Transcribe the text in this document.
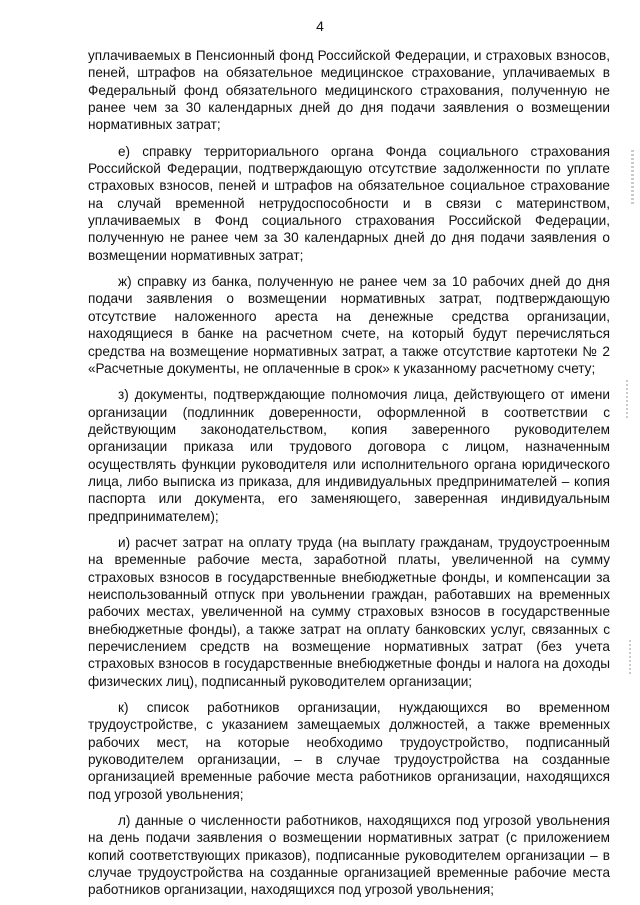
4

уплачиваемых в Пенсионный фонд Российской Федерации, и страховых взносов, пеней, штрафов на обязательное медицинское страхование, уплачиваемых в Федеральный фонд обязательного медицинского страхования, полученную не ранее чем за 30 календарных дней до дня подачи заявления о возмещении нормативных затрат;

е) справку территориального органа Фонда социального страхования Российской Федерации, подтверждающую отсутствие задолженности по уплате страховых взносов, пеней и штрафов на обязательное социальное страхование на случай временной нетрудоспособности и в связи с материнством, уплачиваемых в Фонд социального страхования Российской Федерации, полученную не ранее чем за 30 календарных дней до дня подачи заявления о возмещении нормативных затрат;

ж) справку из банка, полученную не ранее чем за 10 рабочих дней до дня подачи заявления о возмещении нормативных затрат, подтверждающую отсутствие наложенного ареста на денежные средства организации, находящиеся в банке на расчетном счете, на который будут перечисляться средства на возмещение нормативных затрат, а также отсутствие картотеки № 2 «Расчетные документы, не оплаченные в срок» к указанному расчетному счету;

з) документы, подтверждающие полномочия лица, действующего от имени организации (подлинник доверенности, оформленной в соответствии с действующим законодательством, копия заверенного руководителем организации приказа или трудового договора с лицом, назначенным осуществлять функции руководителя или исполнительного органа юридического лица, либо выписка из приказа, для индивидуальных предпринимателей – копия паспорта или документа, его заменяющего, заверенная индивидуальным предпринимателем);

и) расчет затрат на оплату труда (на выплату гражданам, трудоустроенным на временные рабочие места, заработной платы, увеличенной на сумму страховых взносов в государственные внебюджетные фонды, и компенсации за неиспользованный отпуск при увольнении граждан, работавших на временных рабочих местах, увеличенной на сумму страховых взносов в государственные внебюджетные фонды), а также затрат на оплату банковских услуг, связанных с перечислением средств на возмещение нормативных затрат (без учета страховых взносов в государственные внебюджетные фонды и налога на доходы физических лиц), подписанный руководителем организации;

к) список работников организации, нуждающихся во временном трудоустройстве, с указанием замещаемых должностей, а также временных рабочих мест, на которые необходимо трудоустройство, подписанный руководителем организации, – в случае трудоустройства на созданные организацией временные рабочие места работников организации, находящихся под угрозой увольнения;

л) данные о численности работников, находящихся под угрозой увольнения на день подачи заявления о возмещении нормативных затрат (с приложением копий соответствующих приказов), подписанные руководителем организации – в случае трудоустройства на созданные организацией временные рабочие места работников организации, находящихся под угрозой увольнения;
